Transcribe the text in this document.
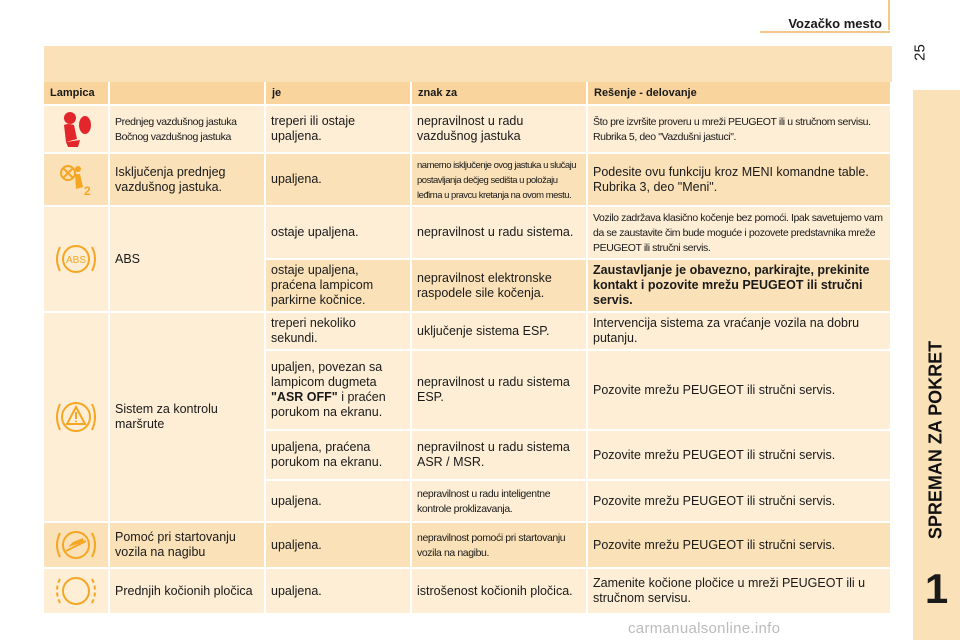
Vozačko mesto
25
SPREMAN ZA POKRET
1
Lampica		je	znak za	Rešenje - delovanje

	Prednjeg vazdušnog jastuka Bočnog vazdušnog jastuka	treperi ili ostaje upaljena.	nepravilnost u radu vazdušnog jastuka	Što pre izvršite proveru u mreži PEUGEOT ili u stručnom servisu. Rubrika 5, deo "Vazdušni jastuci".

2	Isključenja prednjeg vazdušnog jastuka.	upaljena.	namerno isključenje ovog jastuka u slučaju postavljanja dečjeg sedišta u položaju leđima u pravcu kretanja na ovom mestu.	Podesite ovu funkciju kroz MENI komandne table. Rubrika 3, deo "Meni".

ABS	ABS	ostaje upaljena.	nepravilnost u radu sistema.	Vozilo zadržava klasično kočenje bez pomoći. Ipak savetujemo vam da se zaustavite čim bude moguće i pozovete predstavnika mreže PEUGEOT ili stručni servis.
		ostaje upaljena, praćena lampicom parkirne kočnice.	nepravilnost elektronske raspodele sile kočenja.	Zaustavljanje je obavezno, parkirajte, prekinite kontakt i pozovite mrežu PEUGEOT ili stručni servis.

	Sistem za kontrolu maršrute	treperi nekoliko sekundi.	uključenje sistema ESP.	Intervencija sistema za vraćanje vozila na dobru putanju.
		upaljen, povezan sa lampicom dugmeta "ASR OFF" i praćen porukom na ekranu.	nepravilnost u radu sistema ESP.	Pozovite mrežu PEUGEOT ili stručni servis.
		upaljena, praćena porukom na ekranu.	nepravilnost u radu sistema ASR / MSR.	Pozovite mrežu PEUGEOT ili stručni servis.
		upaljena.	nepravilnost u radu inteligentne kontrole proklizavanja.	Pozovite mrežu PEUGEOT ili stručni servis.

	Pomoć pri startovanju vozila na nagibu	upaljena.	nepravilnost pomoći pri startovanju vozila na nagibu.	Pozovite mrežu PEUGEOT ili stručni servis.

	Prednjih kočionih pločica	upaljena.	istrošenost kočionih pločica.	Zamenite kočione pločice u mreži PEUGEOT ili u stručnom servisu.
carmanualsonline.info
